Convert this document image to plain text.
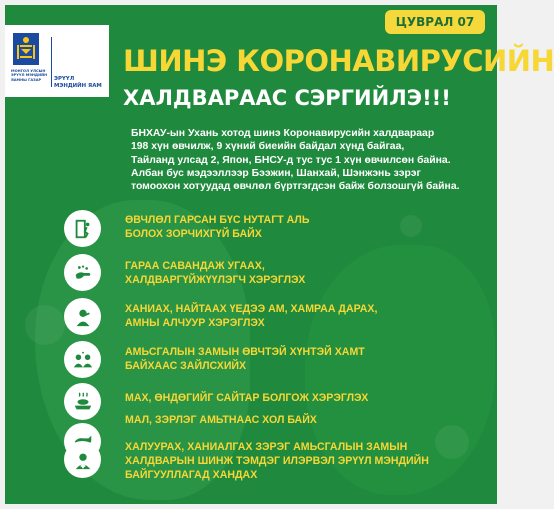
МОНГОЛ УЛСЫН ЭРҮҮЛ МЭНДИЙН ЯАМНЫ ГАЗАР	ЭРҮҮЛ МЭНДИЙН ЯАМ
ЦУВРАЛ 07
ШИНЭ КОРОНАВИРУСИЙН
ХАЛДВАРААС СЭРГИЙЛЭ!!!
БНХАУ-ын Ухань хотод шинэ Коронавирусийн халдвараар
198 хүн өвчилж, 9 хүний биеийн байдал хүнд байгаа,
Тайланд улсад 2, Япон, БНСУ-д тус тус 1 хүн өвчилсөн байна.
Албан бус мэдээллээр Бээжин, Шанхай, Шэнжэнь зэрэг
томоохон хотуудад өвчлөл бүртгэгдсэн байж болзошгүй байна.
ӨВЧЛӨЛ ГАРСАН БҮС НУТАГТ АЛЬ
БОЛОХ ЗОРЧИХГҮЙ БАЙХ
ГАРАА САВАНДАЖ УГААХ,
ХАЛДВАРГҮЙЖҮҮЛЭГЧ ХЭРЭГЛЭХ
ХАНИАХ, НАЙТААХ ҮЕДЭЭ АМ, ХАМРАА ДАРАХ,
АМНЫ АЛЧУУР ХЭРЭГЛЭХ
АМЬСГАЛЫН ЗАМЫН ӨВЧТЭЙ ХҮНТЭЙ ХАМТ
БАЙХААС ЗАЙЛСХИЙХ
МАХ, ӨНДӨГИЙГ САЙТАР БОЛГОЖ ХЭРЭГЛЭХ
МАЛ, ЗЭРЛЭГ АМЬТНААС ХОЛ БАЙХ
ХАЛУУРАХ, ХАНИАЛГАХ ЗЭРЭГ АМЬСГАЛЫН ЗАМЫН
ХАЛДВАРЫН ШИНЖ ТЭМДЭГ ИЛЭРВЭЛ ЭРҮҮЛ МЭНДИЙН
БАЙГУУЛЛАГАД ХАНДАХ
